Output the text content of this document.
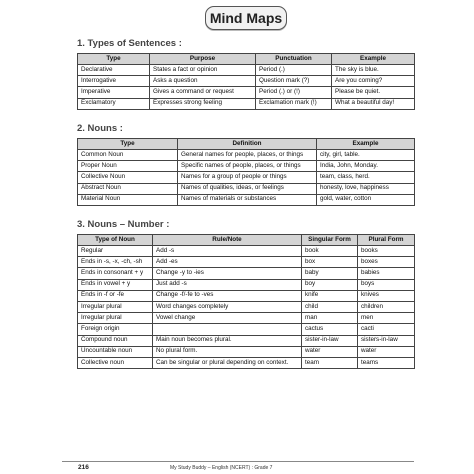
Mind Maps
1. Types of Sentences :
Type	Purpose	Punctuation	Example
Declarative	States a fact or opinion	Period (.)	The sky is blue.
Interrogative	Asks a question	Question mark (?)	Are you coming?
Imperative	Gives a command or request	Period (.) or (!)	Please be quiet.
Exclamatory	Expresses strong feeling	Exclamation mark (!)	What a beautiful day!
2. Nouns :
Type	Definition	Example
Common Noun	General names for people, places, or things	city, girl, table.
Proper Noun	Specific names of people, places, or things	India, John, Monday.
Collective Noun	Names for a group of people or things	team, class, herd.
Abstract Noun	Names of qualities, ideas, or feelings	honesty, love, happiness
Material Noun	Names of materials or substances	gold, water, cotton
3. Nouns – Number :
Type of Noun	Rule/Note	Singular Form	Plural Form
Regular	Add -s	book	books
Ends in -s, -x, -ch, -sh	Add -es	box	boxes
Ends in consonant + y	Change -y to -ies	baby	babies
Ends in vowel + y	Just add -s	boy	boys
Ends in -f or -fe	Change -f/-fe to -ves	knife	knives
Irregular plural	Word changes completely	child	children
Irregular plural	Vowel change	man	men
Foreign origin		cactus	cacti
Compound noun	Main noun becomes plural.	sister-in-law	sisters-in-law
Uncountable noun	No plural form.	water	water
Collective noun	Can be singular or plural depending on context.	team	teams
216	My Study Buddy – English (NCERT) : Grade 7
